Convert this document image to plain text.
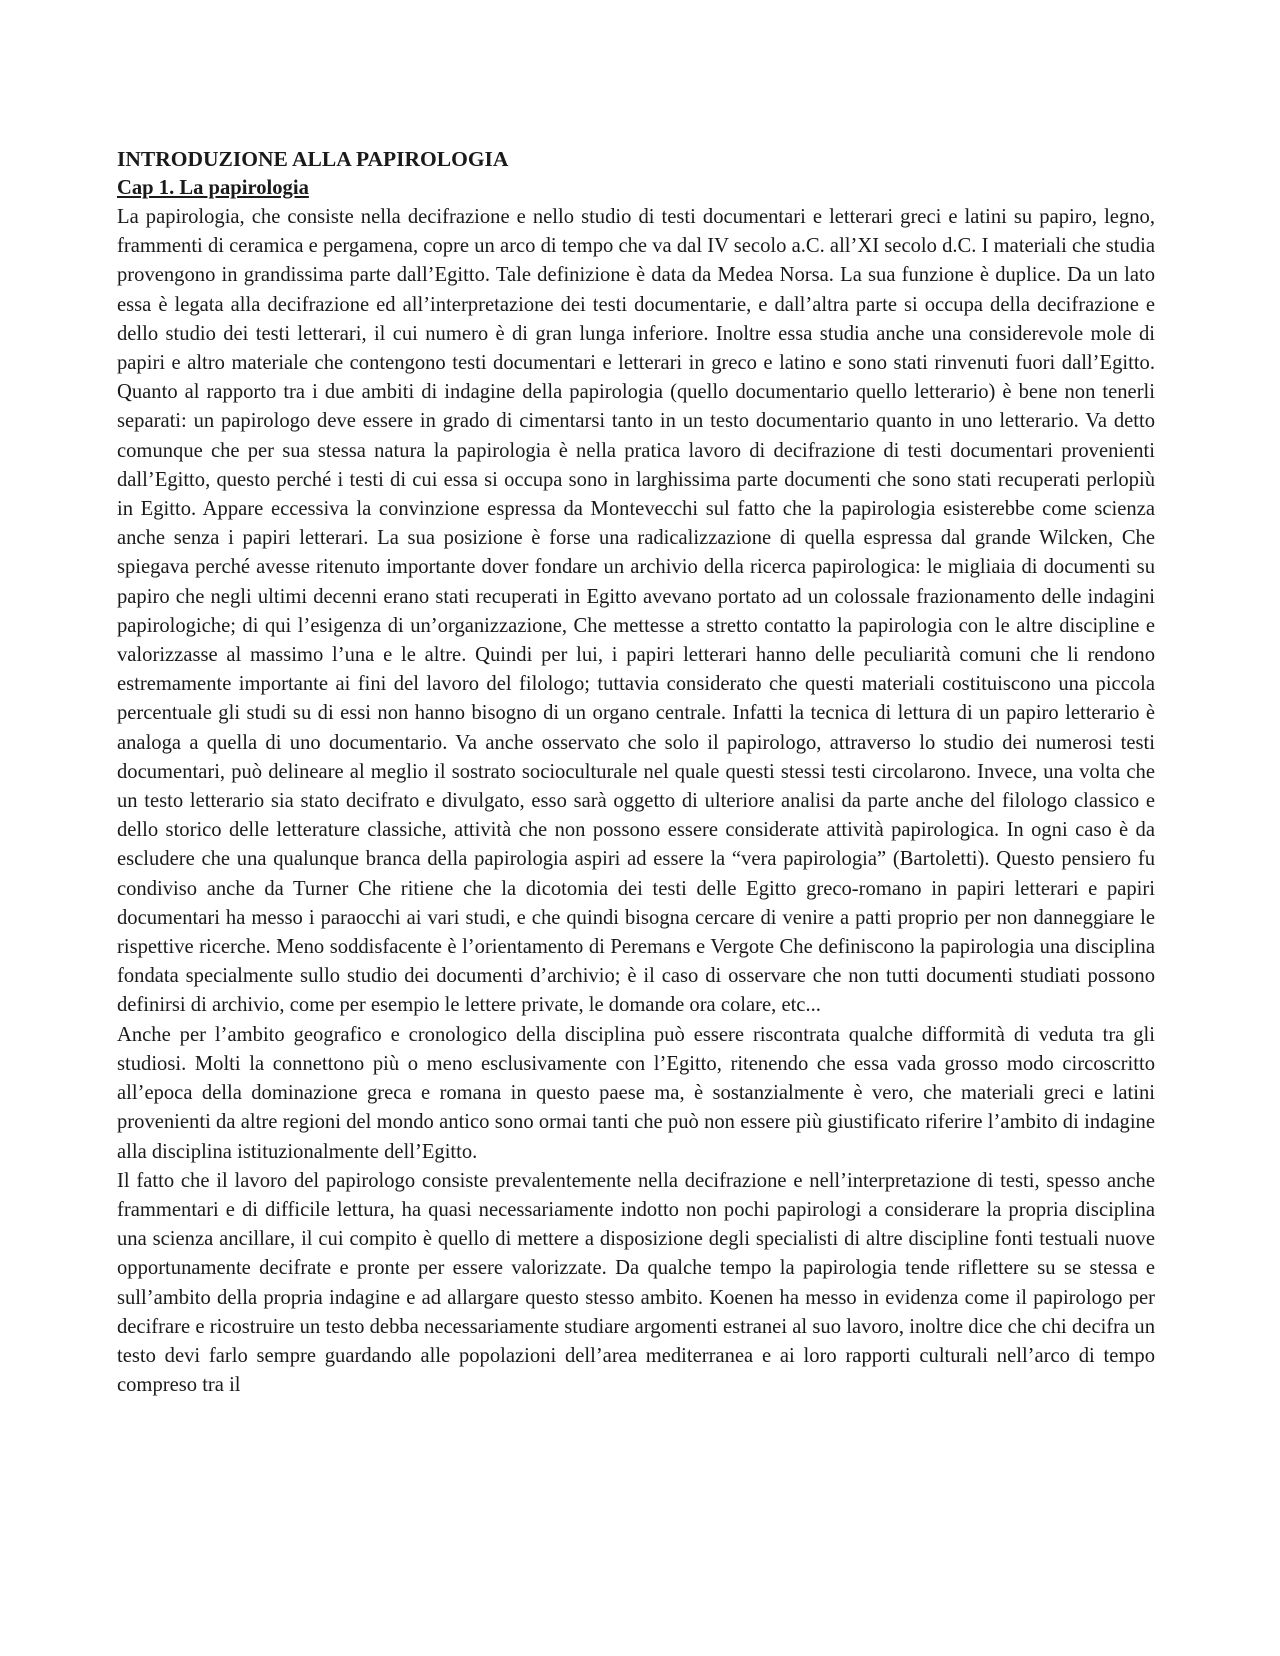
INTRODUZIONE ALLA PAPIROLOGIA
Cap 1. La papirologia

La papirologia, che consiste nella decifrazione e nello studio di testi documentari e letterari greci e latini su papiro, legno, frammenti di ceramica e pergamena, copre un arco di tempo che va dal IV secolo a.C. all’XI secolo d.C. I materiali che studia provengono in grandissima parte dall’Egitto. Tale definizione è data da Medea Norsa. La sua funzione è duplice. Da un lato essa è legata alla decifrazione ed all’interpretazione dei testi documentarie, e dall’altra parte si occupa della decifrazione e dello studio dei testi letterari, il cui numero è di gran lunga inferiore. Inoltre essa studia anche una considerevole mole di papiri e altro materiale che contengono testi documentari e letterari in greco e latino e sono stati rinvenuti fuori dall’Egitto. Quanto al rapporto tra i due ambiti di indagine della papirologia (quello documentario quello letterario) è bene non tenerli separati: un papirologo deve essere in grado di cimentarsi tanto in un testo documentario quanto in uno letterario. Va detto comunque che per sua stessa natura la papirologia è nella pratica lavoro di decifrazione di testi documentari provenienti dall’Egitto, questo perché i testi di cui essa si occupa sono in larghissima parte documenti che sono stati recuperati perlopiù in Egitto. Appare eccessiva la convinzione espressa da Montevecchi sul fatto che la papirologia esisterebbe come scienza anche senza i papiri letterari. La sua posizione è forse una radicalizzazione di quella espressa dal grande Wilcken, Che spiegava perché avesse ritenuto importante dover fondare un archivio della ricerca papirologica: le migliaia di documenti su papiro che negli ultimi decenni erano stati recuperati in Egitto avevano portato ad un colossale frazionamento delle indagini papirologiche; di qui l’esigenza di un’organizzazione, Che mettesse a stretto contatto la papirologia con le altre discipline e valorizzasse al massimo l’una e le altre. Quindi per lui, i papiri letterari hanno delle peculiarità comuni che li rendono estremamente importante ai fini del lavoro del filologo; tuttavia considerato che questi materiali costituiscono una piccola percentuale gli studi su di essi non hanno bisogno di un organo centrale. Infatti la tecnica di lettura di un papiro letterario è analoga a quella di uno documentario. Va anche osservato che solo il papirologo, attraverso lo studio dei numerosi testi documentari, può delineare al meglio il sostrato socioculturale nel quale questi stessi testi circolarono. Invece, una volta che un testo letterario sia stato decifrato e divulgato, esso sarà oggetto di ulteriore analisi da parte anche del filologo classico e dello storico delle letterature classiche, attività che non possono essere considerate attività papirologica. In ogni caso è da escludere che una qualunque branca della papirologia aspiri ad essere la “vera papirologia” (Bartoletti). Questo pensiero fu condiviso anche da Turner Che ritiene che la dicotomia dei testi delle Egitto greco-romano in papiri letterari e papiri documentari ha messo i paraocchi ai vari studi, e che quindi bisogna cercare di venire a patti proprio per non danneggiare le rispettive ricerche. Meno soddisfacente è l’orientamento di Peremans e Vergote Che definiscono la papirologia una disciplina fondata specialmente sullo studio dei documenti d’archivio; è il caso di osservare che non tutti documenti studiati possono definirsi di archivio, come per esempio le lettere private, le domande ora colare, etc...

Anche per l’ambito geografico e cronologico della disciplina può essere riscontrata qualche difformità di veduta tra gli studiosi. Molti la connettono più o meno esclusivamente con l’Egitto, ritenendo che essa vada grosso modo circoscritto all’epoca della dominazione greca e romana in questo paese ma, è sostanzialmente è vero, che materiali greci e latini provenienti da altre regioni del mondo antico sono ormai tanti che può non essere più giustificato riferire l’ambito di indagine alla disciplina istituzionalmente dell’Egitto.

Il fatto che il lavoro del papirologo consiste prevalentemente nella decifrazione e nell’interpretazione di testi, spesso anche frammentari e di difficile lettura, ha quasi necessariamente indotto non pochi papirologi a considerare la propria disciplina una scienza ancillare, il cui compito è quello di mettere a disposizione degli specialisti di altre discipline fonti testuali nuove opportunamente decifrate e pronte per essere valorizzate. Da qualche tempo la papirologia tende riflettere su se stessa e sull’ambito della propria indagine e ad allargare questo stesso ambito. Koenen ha messo in evidenza come il papirologo per decifrare e ricostruire un testo debba necessariamente studiare argomenti estranei al suo lavoro, inoltre dice che chi decifra un testo devi farlo sempre guardando alle popolazioni dell’area mediterranea e ai loro rapporti culturali nell’arco di tempo compreso tra il
